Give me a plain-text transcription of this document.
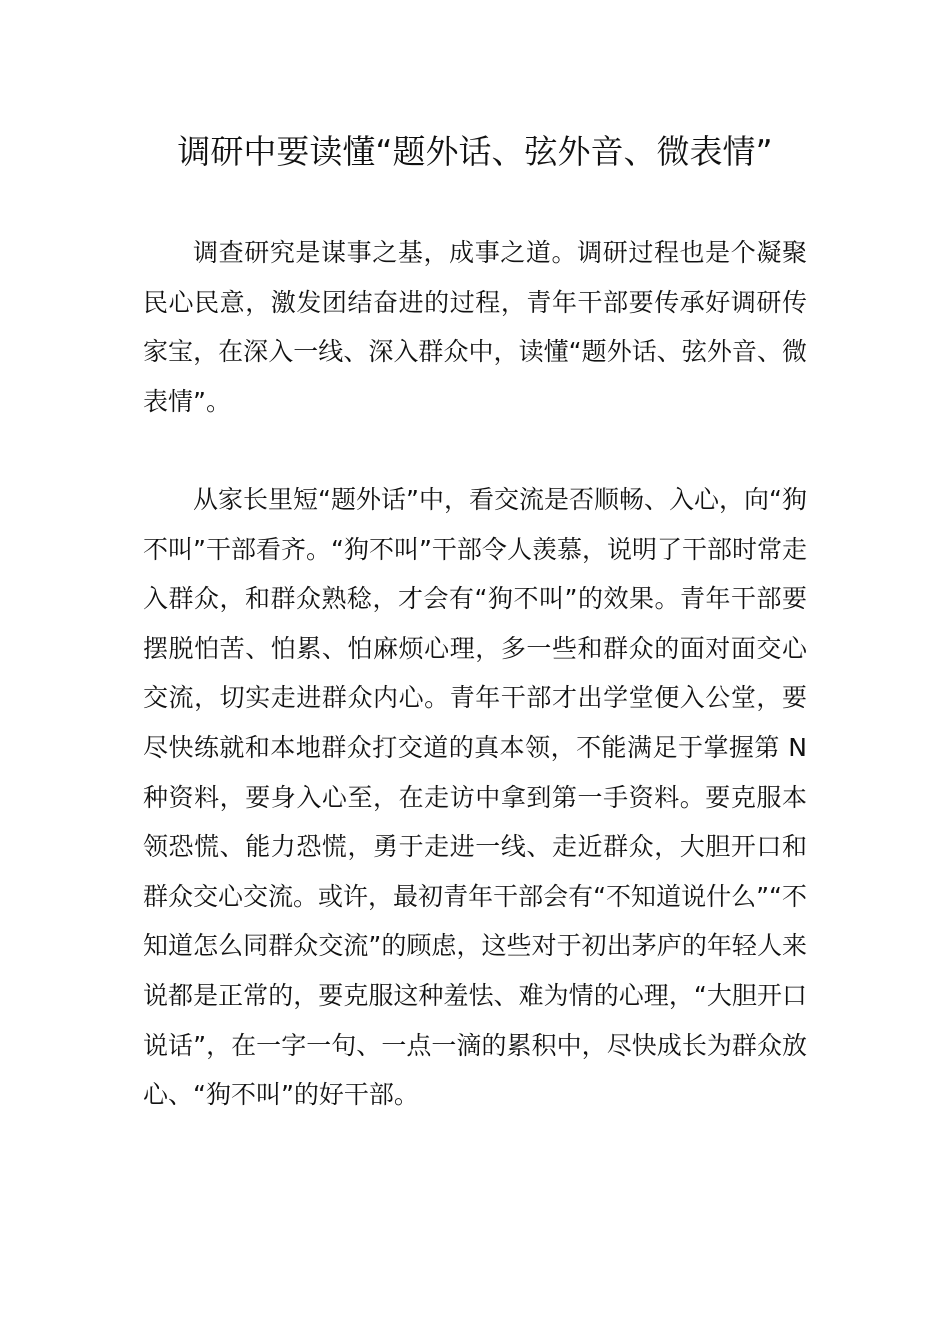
调研中要读懂“题外话、弦外音、微表情”

调查研究是谋事之基，成事之道。调研过程也是个凝聚民心民意，激发团结奋进的过程，青年干部要传承好调研传家宝，在深入一线、深入群众中，读懂“题外话、弦外音、微表情”。

从家长里短“题外话”中，看交流是否顺畅、入心，向“狗不叫”干部看齐。“狗不叫”干部令人羡慕，说明了干部时常走入群众，和群众熟稔，才会有“狗不叫”的效果。青年干部要摆脱怕苦、怕累、怕麻烦心理，多一些和群众的面对面交心交流，切实走进群众内心。青年干部才出学堂便入公堂，要尽快练就和本地群众打交道的真本领，不能满足于掌握第 N 种资料，要身入心至，在走访中拿到第一手资料。要克服本领恐慌、能力恐慌，勇于走进一线、走近群众，大胆开口和群众交心交流。或许，最初青年干部会有“不知道说什么”“不知道怎么同群众交流”的顾虑，这些对于初出茅庐的年轻人来说都是正常的，要克服这种羞怯、难为情的心理，“大胆开口说话”，在一字一句、一点一滴的累积中，尽快成长为群众放心、“狗不叫”的好干部。
